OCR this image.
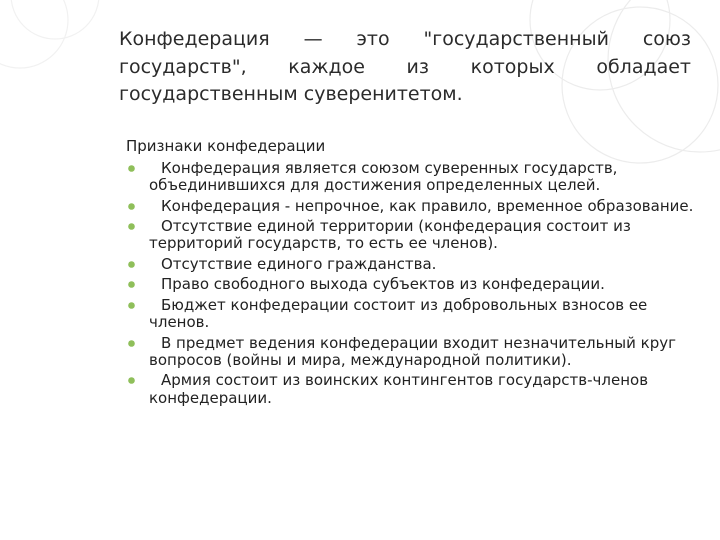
Конфедерация — это "государственный союз
государств", каждое из которых обладает
государственным суверенитетом.
Признаки конфедерации
Конфедерация является союзом суверенных государств, объединившихся для достижения определенных целей.
Конфедерация - непрочное, как правило, временное образование.
Отсутствие единой территории (конфедерация состоит из территорий государств, то есть ее членов).
Отсутствие единого гражданства.
Право свободного выхода субъектов из конфедерации.
Бюджет конфедерации состоит из добровольных взносов ее членов.
В предмет ведения конфедерации входит незначительный круг вопросов (войны и мира, международной политики).
Армия состоит из воинских контингентов государств-членов конфедерации.
